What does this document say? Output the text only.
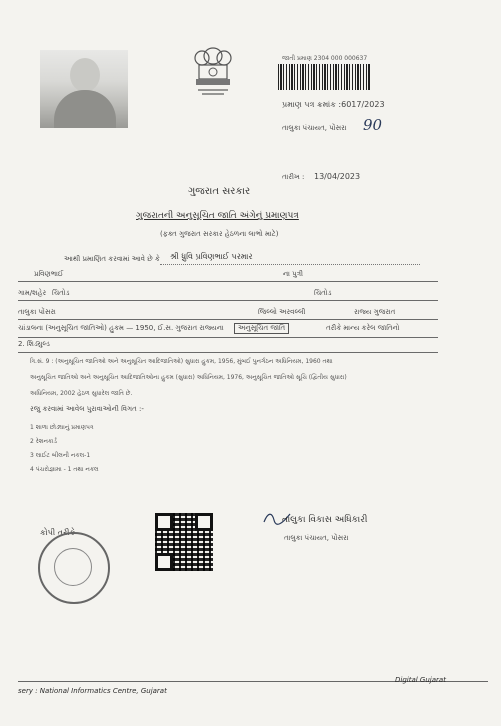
જાતી પ્રમાણ 2304 000 000637
પ્રમાણ પત્ર ક્રમાંક :6017/2023
તાલુકા પંચાયત, પોંસરા 90
તારીખ : 13/04/2023
ગુજરાત સરકાર
ગુજરાતની અનુસૂચિત જાતિ અંગેનું પ્રમાણપત્ર
(ફક્ત ગુજરાત સરકાર હેઠળના લાભો માટે)
આથી પ્રમાણિત કરવામાં આવે છે કે શ્રી ધ્રુવિ પ્રવિણભાઈ પરમાર
પ્રવિણભાઈ	ના પુત્રી
ગામ/શહેર ચિતોડ	ચિતોડ
તાલુકા પોંસરા	જિલ્લો અરવલ્લી	રાજ્ય ગુજરાત
ચાંડાલના (અનુસૂચિત જાતિઓ) હુકમ — 1950, ઈ.સ. ગુજરાત રાજ્યના	અનુસૂચિત જાતિ	તરીકે માન્ય કરેલ જાતિનો
2. શિડ્યુલ્ડ
ત્રિ.સં. 9 : (અનુસૂચિત જાતિઓ અને અનુસૂચિત આદિજાતિઓ) સુધારા હુકમ, 1956, મુંબઈ પુનર્ગઠન અધિનિયમ, 1960 તથા
અનુસૂચિત જાતિઓ અને અનુસૂચિત આદિજાતિઓના હુકમ (સુધારા) અધિનિયમ, 1976, અનુસૂચિત જાતિઓ સૂચિ (દ્વિતીય સુધારા)
અધિનિયમ, 2002 હેઠળ સુધારેલ જાતિ છે.
રજુ કરવામાં આવેલ પુરાવાઓની વિગત :-
1 શાળા છોડ્યાનું પ્રમાણપત્ર
2 રેશનકાર્ડ
3 લાઈટ બીલની નકલ-1
4 પંચરોજ્ઞામા - 1 તથા નકલ
કોપી તરીકે
તાલુકા વિકાસ અધિકારી
તાલુકા પંચાયત, પોંસરા
sery : National Informatics Centre, Gujarat
Digital Gujarat
